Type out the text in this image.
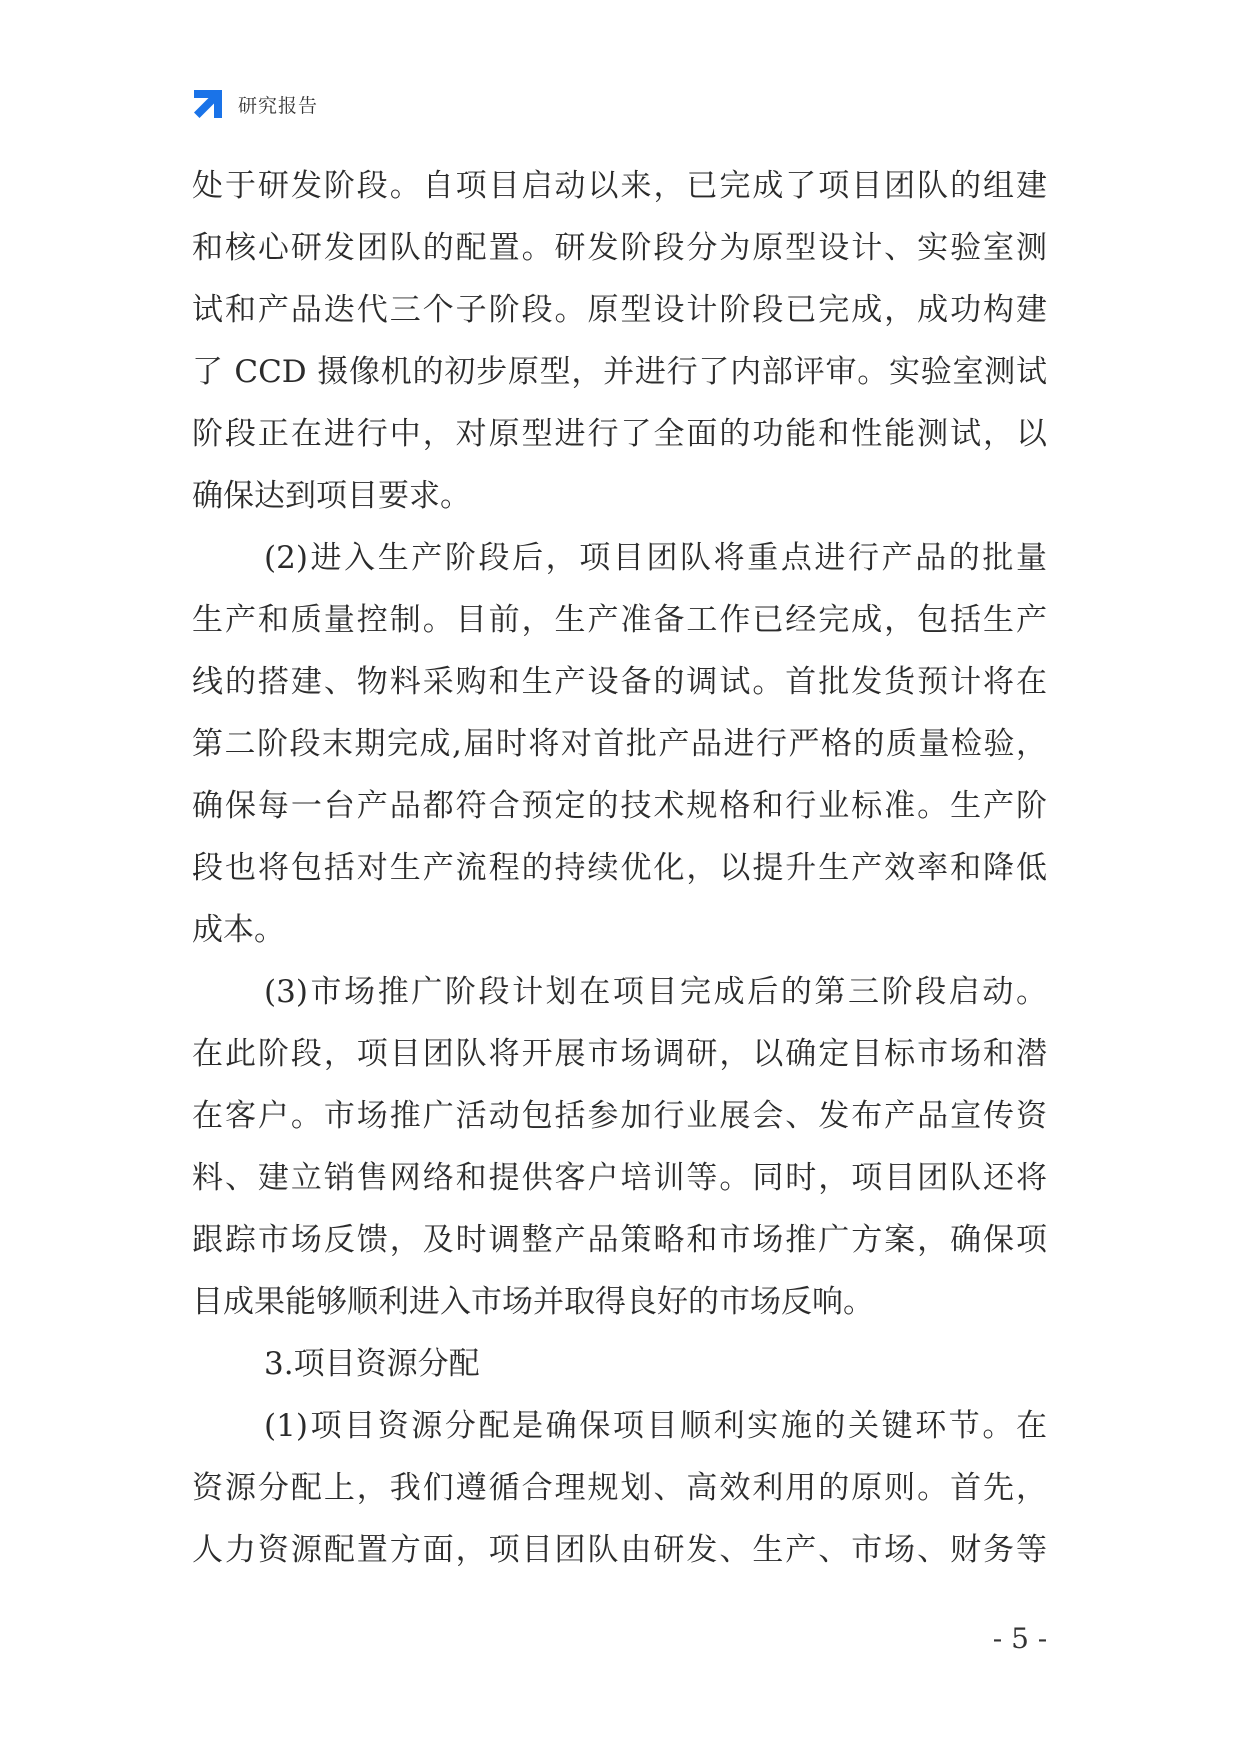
研究报告
处于研发阶段。自项目启动以来，已完成了项目团队的组建
和核心研发团队的配置。研发阶段分为原型设计、实验室测
试和产品迭代三个子阶段。原型设计阶段已完成，成功构建
了 CCD 摄像机的初步原型，并进行了内部评审。实验室测试
阶段正在进行中，对原型进行了全面的功能和性能测试，以
确保达到项目要求。
(2)进入生产阶段后，项目团队将重点进行产品的批量
生产和质量控制。目前，生产准备工作已经完成，包括生产
线的搭建、物料采购和生产设备的调试。首批发货预计将在
第二阶段末期完成,届时将对首批产品进行严格的质量检验，
确保每一台产品都符合预定的技术规格和行业标准。生产阶
段也将包括对生产流程的持续优化，以提升生产效率和降低
成本。
(3)市场推广阶段计划在项目完成后的第三阶段启动。
在此阶段，项目团队将开展市场调研，以确定目标市场和潜
在客户。市场推广活动包括参加行业展会、发布产品宣传资
料、建立销售网络和提供客户培训等。同时，项目团队还将
跟踪市场反馈，及时调整产品策略和市场推广方案，确保项
目成果能够顺利进入市场并取得良好的市场反响。
3.项目资源分配
(1)项目资源分配是确保项目顺利实施的关键环节。在
资源分配上，我们遵循合理规划、高效利用的原则。首先，
人力资源配置方面，项目团队由研发、生产、市场、财务等
- 5 -
